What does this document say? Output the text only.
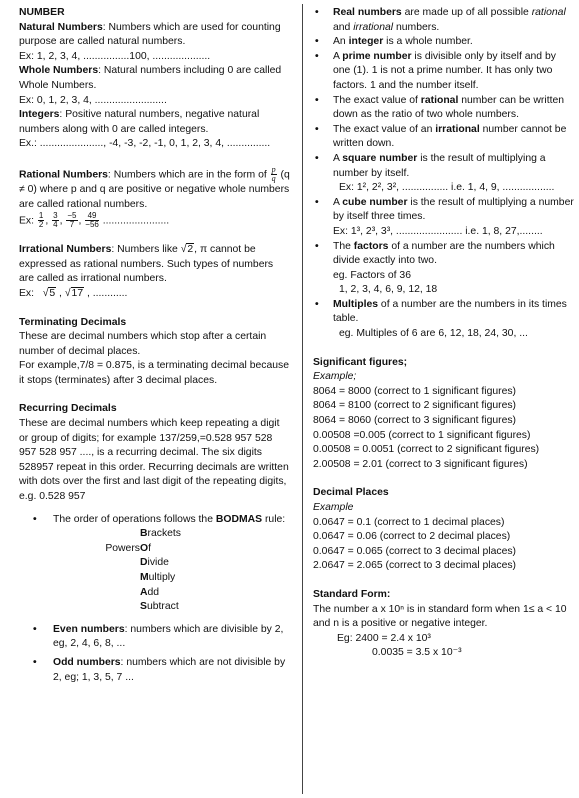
NUMBER

Natural Numbers: Numbers which are used for counting purpose are called natural numbers.

Ex: 1, 2, 3, 4, ................100, ....................

Whole Numbers: Natural numbers including 0 are called Whole Numbers.

Ex: 0, 1, 2, 3, 4, .........................

Integers: Positive natural numbers, negative natural numbers along with 0 are called integers.

Ex.: ......................, -4, -3, -2, -1, 0, 1, 2, 3, 4, ...............

Rational Numbers: Numbers which are in the form of $\frac{p}{q} (q \ne 0)$ where p and q are positive or negative whole numbers are called rational numbers.

Ex: $\frac{1}{2}$ , $\frac{3}{4}$ , $\frac{-5}{7}$ , $\frac{49}{-56}$ .......................

Irrational Numbers: Numbers like √2, π cannot be expressed as rational numbers. Such types of numbers are called as irrational numbers.

Ex: √5 , √17 , ............

Terminating Decimals

These are decimal numbers which stop after a certain number of decimal places.

For example,7/8 = 0.875, is a terminating decimal because it stops (terminates) after 3 decimal places.

Recurring Decimals

These are decimal numbers which keep repeating a digit or group of digits; for example 137/259,=0.528 957 528 957 528 957 ...., is a recurring decimal. The six digits 528957 repeat in this order. Recurring decimals are written with dots over the first and last digit of the repeating digits,

e.g. 0.528 957

• The order of operations follows the BODMAS rule:
B rackets
Powers O f
D ivide
M ultiply
A dd
S ubtract
• Even numbers: numbers which are divisible by 2, eg, 2, 4, 6, 8, ...
• Odd numbers: numbers which are not divisible by 2, eg; 1, 3, 5, 7 ...
• Real numbers are made up of all possible rational and irrational numbers.
• An integer is a whole number.
• A prime number is divisible only by itself and by one (1). 1 is not a prime number. It has only two factors. 1 and the number itself.
• The exact value of rational number can be written down as the ratio of two whole numbers.
• The exact value of an irrational number cannot be written down.
• A square number is the result of multiplying a number by itself.
Ex: 1², 2², 3², ................ i.e. 1, 4, 9, ..................
• A cube number is the result of multiplying a number by itself three times.
Ex: 1³, 2³, 3³, ....................... i.e. 1, 8, 27,........
• The factors of a number are the numbers which divide exactly into two.
eg. Factors of 36
1, 2, 3, 4, 6, 9, 12, 18
• Multiples of a number are the numbers in its times table.
eg. Multiples of 6 are 6, 12, 18, 24, 30, ...

Significant figures;

Example;

8064 = 8000 (correct to 1 significant figures)

8064 = 8100 (correct to 2 significant figures)

8064 = 8060 (correct to 3 significant figures)

0.00508 =0.005 (correct to 1 significant figures)

0.00508 = 0.0051 (correct to 2 significant figures)

2.00508 = 2.01 (correct to 3 significant figures)

Decimal Places

Example

0.0647 = 0.1 (correct to 1 decimal places)

0.0647 = 0.06 (correct to 2 decimal places)

0.0647 = 0.065 (correct to 3 decimal places)

2.0647 = 2.065 (correct to 3 decimal places)

Standard Form:

The number a x 10ⁿ is in standard form when 1≤ a < 10 and n is a positive or negative integer.

Eg: 2400 = 2.4 x 10³

0.0035 = 3.5 x 10⁻³
